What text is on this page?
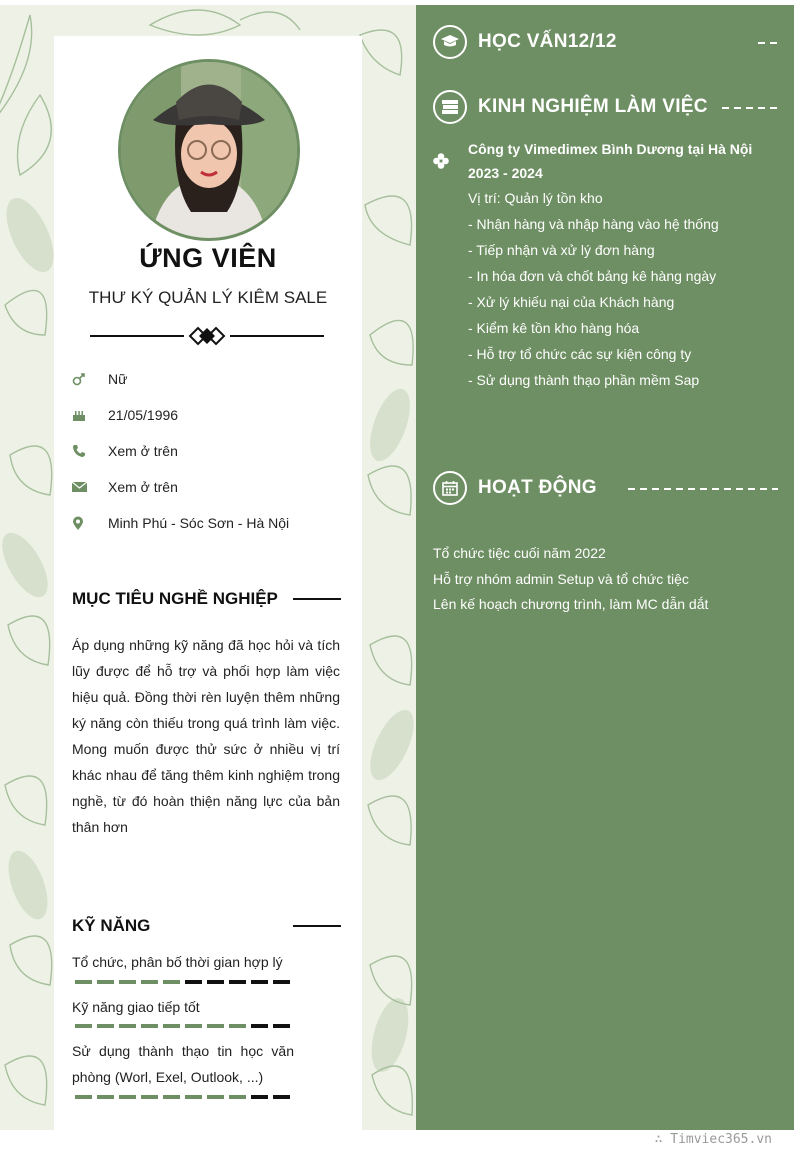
ỨNG VIÊN
THƯ KÝ QUẢN LÝ KIÊM SALE
Nữ
21/05/1996
Xem ở trên
Xem ở trên
Minh Phú - Sóc Sơn - Hà Nội
MỤC TIÊU NGHỀ NGHIỆP
Áp dụng những kỹ năng đã học hỏi và tích lũy được để hỗ trợ và phối hợp làm việc hiệu quả. Đồng thời rèn luyện thêm những ký năng còn thiếu trong quá trình làm việc. Mong muốn được thử sức ở nhiều vị trí khác nhau để tăng thêm kinh nghiệm trong nghề, từ đó hoàn thiện năng lực của bản thân hơn
KỸ NĂNG
Tổ chức, phân bố thời gian hợp lý
Kỹ năng giao tiếp tốt
Sử dụng thành thạo tin học văn phòng (Worl, Exel, Outlook, ...)
HỌC VẤN12/12
KINH NGHIỆM LÀM VIỆC
Công ty Vimedimex Bình Dương tại Hà Nội
2023 - 2024
Vị trí: Quản lý tồn kho
- Nhận hàng và nhập hàng vào hệ thống
- Tiếp nhận và xử lý đơn hàng
- In hóa đơn và chốt bảng kê hàng ngày
- Xử lý khiếu nại của Khách hàng
- Kiểm kê tồn kho hàng hóa
- Hỗ trợ tổ chức các sự kiện công ty
- Sử dụng thành thạo phần mềm Sap
HOẠT ĐỘNG
Tổ chức tiệc cuối năm 2022
Hỗ trợ nhóm admin Setup và tổ chức tiệc
Lên kế hoạch chương trình, làm MC dẫn dắt
∴ Timviec365.vn
